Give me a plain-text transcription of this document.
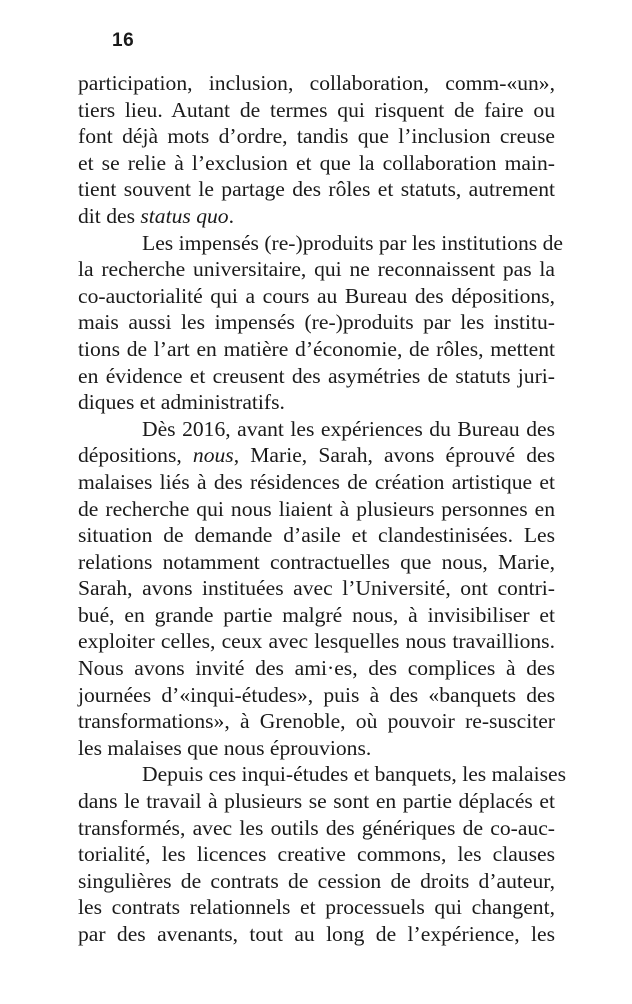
16
participation, inclusion, collaboration, comm-«un»,
tiers lieu. Autant de termes qui risquent de faire ou
font déjà mots d’ordre, tandis que l’inclusion creuse
et se relie à l’exclusion et que la collaboration main-
tient souvent le partage des rôles et statuts, autrement
dit des status quo.
Les impensés (re-)produits par les institutions de
la recherche universitaire, qui ne reconnaissent pas la
co-auctorialité qui a cours au Bureau des dépositions,
mais aussi les impensés (re-)produits par les institu-
tions de l’art en matière d’économie, de rôles, mettent
en évidence et creusent des asymétries de statuts juri-
diques et administratifs.
Dès 2016, avant les expériences du Bureau des
dépositions, nous, Marie, Sarah, avons éprouvé des
malaises liés à des résidences de création artistique et
de recherche qui nous liaient à plusieurs personnes en
situation de demande d’asile et clandestinisées. Les
relations notamment contractuelles que nous, Marie,
Sarah, avons instituées avec l’Université, ont contri-
bué, en grande partie malgré nous, à invisibiliser et
exploiter celles, ceux avec lesquelles nous travaillions.
Nous avons invité des ami·es, des complices à des
journées d’«inqui-études», puis à des «banquets des
transformations», à Grenoble, où pouvoir re-susciter
les malaises que nous éprouvions.
Depuis ces inqui-études et banquets, les malaises
dans le travail à plusieurs se sont en partie déplacés et
transformés, avec les outils des génériques de co-auc-
torialité, les licences creative commons, les clauses
singulières de contrats de cession de droits d’auteur,
les contrats relationnels et processuels qui changent,
par des avenants, tout au long de l’expérience, les
